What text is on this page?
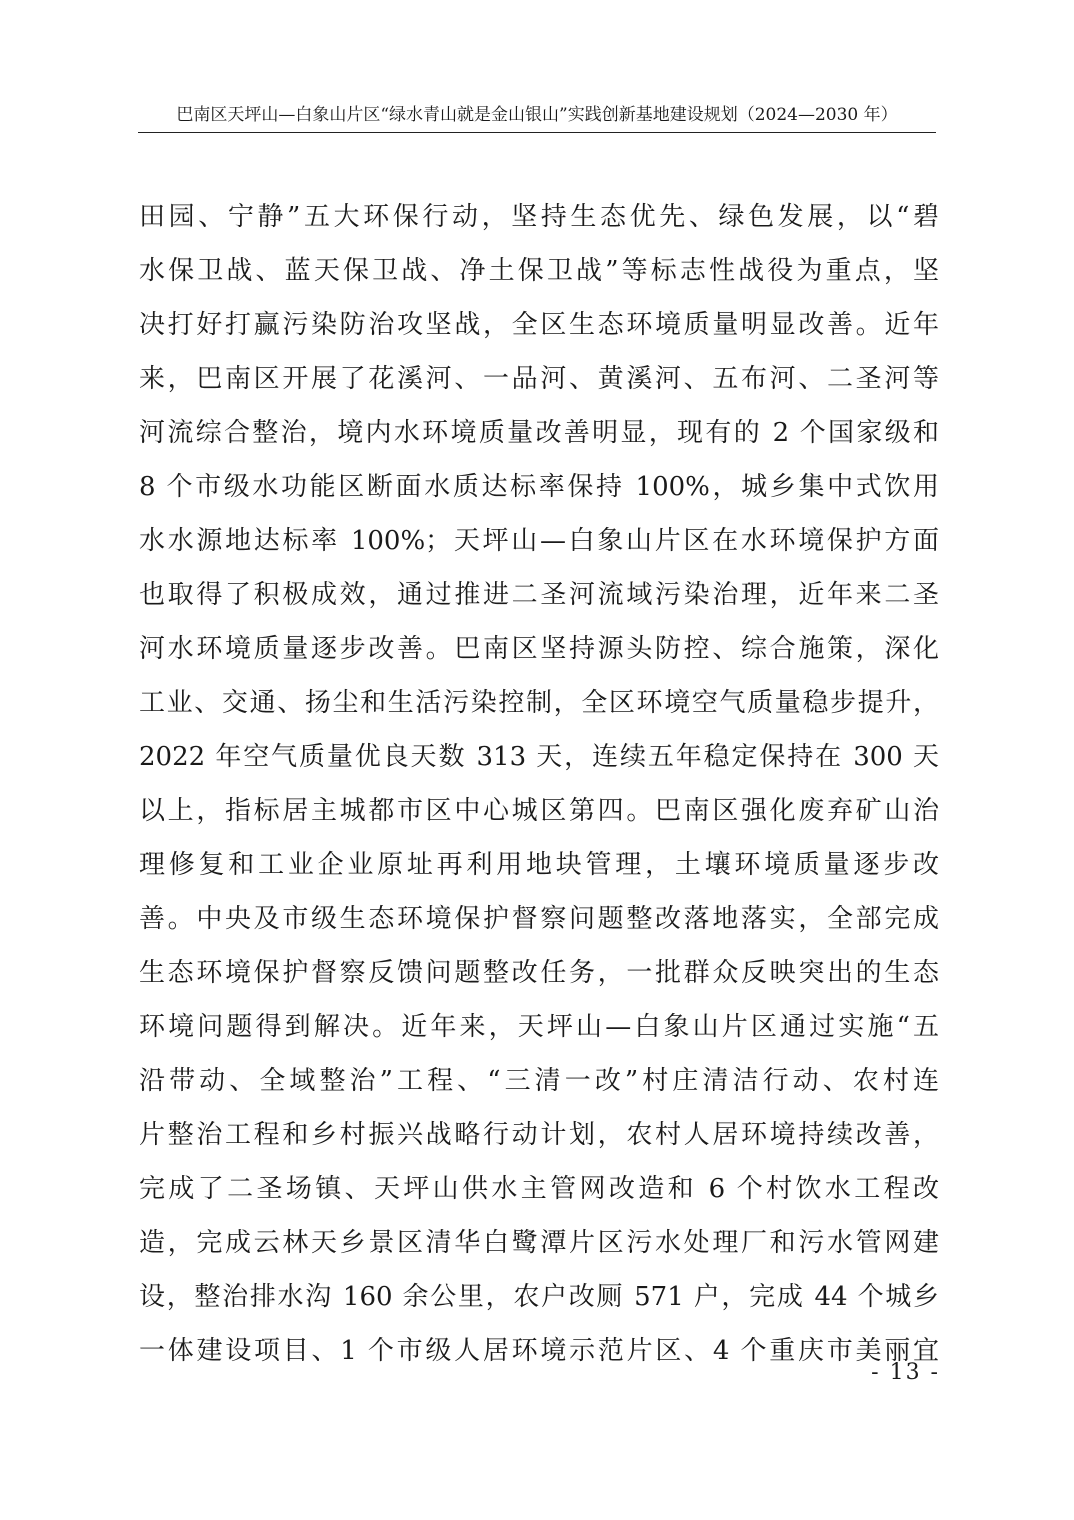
巴南区天坪山—白象山片区“绿水青山就是金山银山”实践创新基地建设规划（2024—2030 年）
田园、宁静”五大环保行动，坚持生态优先、绿色发展，以“碧
水保卫战、蓝天保卫战、净土保卫战”等标志性战役为重点，坚
决打好打赢污染防治攻坚战，全区生态环境质量明显改善。近年
来，巴南区开展了花溪河、一品河、黄溪河、五布河、二圣河等
河流综合整治，境内水环境质量改善明显，现有的 2 个国家级和
8 个市级水功能区断面水质达标率保持 100%，城乡集中式饮用
水水源地达标率 100%；天坪山—白象山片区在水环境保护方面
也取得了积极成效，通过推进二圣河流域污染治理，近年来二圣
河水环境质量逐步改善。巴南区坚持源头防控、综合施策，深化
工业、交通、扬尘和生活污染控制，全区环境空气质量稳步提升，
2022 年空气质量优良天数 313 天，连续五年稳定保持在 300 天
以上，指标居主城都市区中心城区第四。巴南区强化废弃矿山治
理修复和工业企业原址再利用地块管理，土壤环境质量逐步改
善。中央及市级生态环境保护督察问题整改落地落实，全部完成
生态环境保护督察反馈问题整改任务，一批群众反映突出的生态
环境问题得到解决。近年来，天坪山—白象山片区通过实施“五
沿带动、全域整治”工程、“三清一改”村庄清洁行动、农村连
片整治工程和乡村振兴战略行动计划，农村人居环境持续改善，
完成了二圣场镇、天坪山供水主管网改造和 6 个村饮水工程改
造，完成云林天乡景区清华白鹭潭片区污水处理厂和污水管网建
设，整治排水沟 160 余公里，农户改厕 571 户，完成 44 个城乡
一体建设项目、1 个市级人居环境示范片区、4 个重庆市美丽宜
- 13 -
